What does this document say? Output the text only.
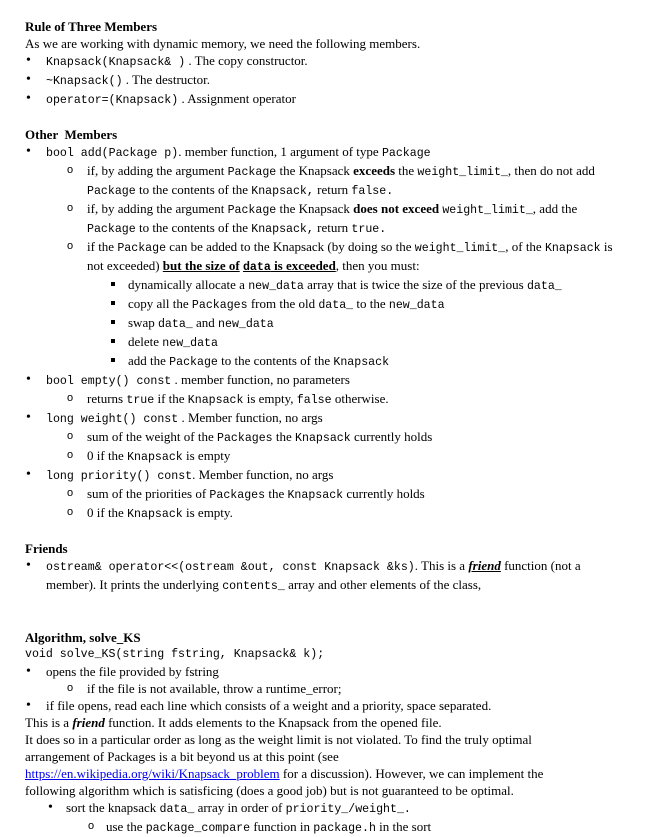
Rule of Three Members
As we are working with dynamic memory, we need the following members.
• Knapsack(Knapsack& ) . The copy constructor.
• ~Knapsack() . The destructor.
• operator=(Knapsack) . Assignment operator
Other  Members
• bool add(Package p). member function, 1 argument of type Package
o if, by adding the argument Package the Knapsack exceeds the weight_limit_, then do not add Package to the contents of the Knapsack, return false.
o if, by adding the argument Package the Knapsack does not exceed weight_limit_, add the Package to the contents of the Knapsack, return true.
o if the Package can be added to the Knapsack (by doing so the weight_limit_, of the Knapsack is not exceeded) but the size of data is exceeded, then you must:
dynamically allocate a new_data array that is twice the size of the previous data_
copy all the Packages from the old data_ to the new_data
swap data_ and new_data
delete new_data
add the Package to the contents of the Knapsack
• bool empty() const . member function, no parameters
o returns true if the Knapsack is empty, false otherwise.
• long weight() const . Member function, no args
o sum of the weight of the Packages the Knapsack currently holds
o 0 if the Knapsack is empty
• long priority() const. Member function, no args
o sum of the priorities of Packages the Knapsack currently holds
o 0 if the Knapsack is empty.
Friends
• ostream& operator<<(ostream &out, const Knapsack &ks). This is a friend function (not a member). It prints the underlying contents_ array and other elements of the class,
Algorithm, solve_KS
void solve_KS(string fstring, Knapsack& k);
• opens the file provided by fstring
o if the file is not available, throw a runtime_error;
• if file opens, read each line which consists of a weight and a priority, space separated.
This is a friend function. It adds elements to the Knapsack from the opened file.
It does so in a particular order as long as the weight limit is not violated. To find the truly optimal
arrangement of Packages is a bit beyond us at this point (see
https://en.wikipedia.org/wiki/Knapsack_problem for a discussion). However, we can implement the
following algorithm which is satisficing (does a good job) but is not guaranteed to be optimal.
• sort the knapsack data_ array in order of priority_/weight_.
o use the package_compare function in package.h in the sort
